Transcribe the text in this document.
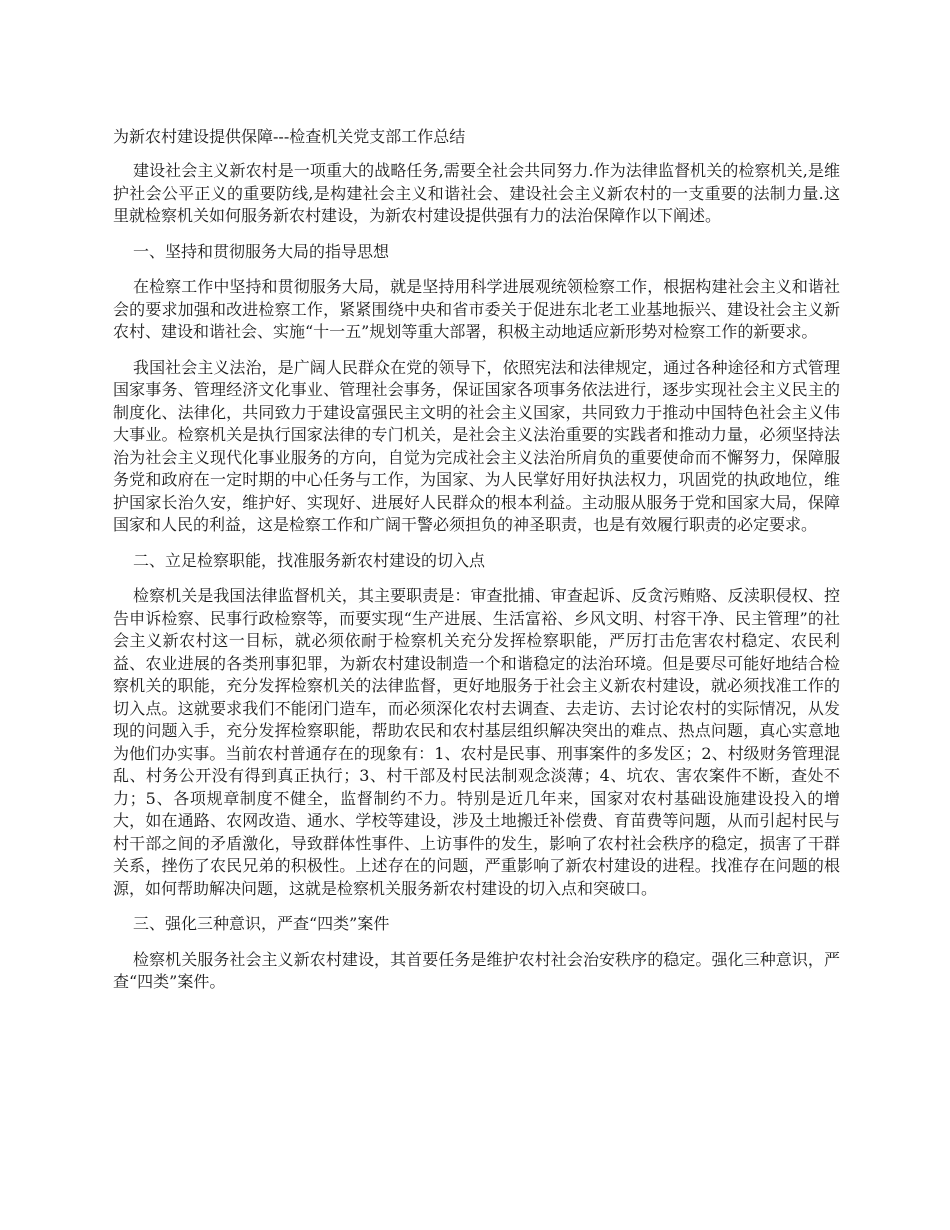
为新农村建设提供保障---检查机关党支部工作总结

建设社会主义新农村是一项重大的战略任务,需要全社会共同努力.作为法律监督机关的检察机关,是维护社会公平正义的重要防线,是构建社会主义和谐社会、建设社会主义新农村的一支重要的法制力量.这里就检察机关如何服务新农村建设，为新农村建设提供强有力的法治保障作以下阐述。

一、坚持和贯彻服务大局的指导思想

在检察工作中坚持和贯彻服务大局，就是坚持用科学进展观统领检察工作，根据构建社会主义和谐社会的要求加强和改进检察工作，紧紧围绕中央和省市委关于促进东北老工业基地振兴、建设社会主义新农村、建设和谐社会、实施“十一五”规划等重大部署，积极主动地适应新形势对检察工作的新要求。

我国社会主义法治，是广阔人民群众在党的领导下，依照宪法和法律规定，通过各种途径和方式管理国家事务、管理经济文化事业、管理社会事务，保证国家各项事务依法进行，逐步实现社会主义民主的制度化、法律化，共同致力于建设富强民主文明的社会主义国家，共同致力于推动中国特色社会主义伟大事业。检察机关是执行国家法律的专门机关，是社会主义法治重要的实践者和推动力量，必须坚持法治为社会主义现代化事业服务的方向，自觉为完成社会主义法治所肩负的重要使命而不懈努力，保障服务党和政府在一定时期的中心任务与工作，为国家、为人民掌好用好执法权力，巩固党的执政地位，维护国家长治久安，维护好、实现好、进展好人民群众的根本利益。主动服从服务于党和国家大局，保障国家和人民的利益，这是检察工作和广阔干警必须担负的神圣职责，也是有效履行职责的必定要求。

二、立足检察职能，找准服务新农村建设的切入点

检察机关是我国法律监督机关，其主要职责是：审查批捕、审查起诉、反贪污贿赂、反渎职侵权、控告申诉检察、民事行政检察等，而要实现“生产进展、生活富裕、乡风文明、村容干净、民主管理”的社会主义新农村这一目标，就必须依耐于检察机关充分发挥检察职能，严厉打击危害农村稳定、农民利益、农业进展的各类刑事犯罪，为新农村建设制造一个和谐稳定的法治环境。但是要尽可能好地结合检察机关的职能，充分发挥检察机关的法律监督，更好地服务于社会主义新农村建设，就必须找准工作的切入点。这就要求我们不能闭门造车，而必须深化农村去调查、去走访、去讨论农村的实际情况，从发现的问题入手，充分发挥检察职能，帮助农民和农村基层组织解决突出的难点、热点问题，真心实意地为他们办实事。当前农村普通存在的现象有：1、农村是民事、刑事案件的多发区；2、村级财务管理混乱、村务公开没有得到真正执行；3、村干部及村民法制观念淡薄；4、坑农、害农案件不断，查处不力；5、各项规章制度不健全，监督制约不力。特别是近几年来，国家对农村基础设施建设投入的增大，如在通路、农网改造、通水、学校等建设，涉及土地搬迁补偿费、育苗费等问题，从而引起村民与村干部之间的矛盾激化，导致群体性事件、上访事件的发生，影响了农村社会秩序的稳定，损害了干群关系，挫伤了农民兄弟的积极性。上述存在的问题，严重影响了新农村建设的进程。找准存在问题的根源，如何帮助解决问题，这就是检察机关服务新农村建设的切入点和突破口。

三、强化三种意识，严查“四类”案件

检察机关服务社会主义新农村建设，其首要任务是维护农村社会治安秩序的稳定。强化三种意识，严查“四类”案件。
